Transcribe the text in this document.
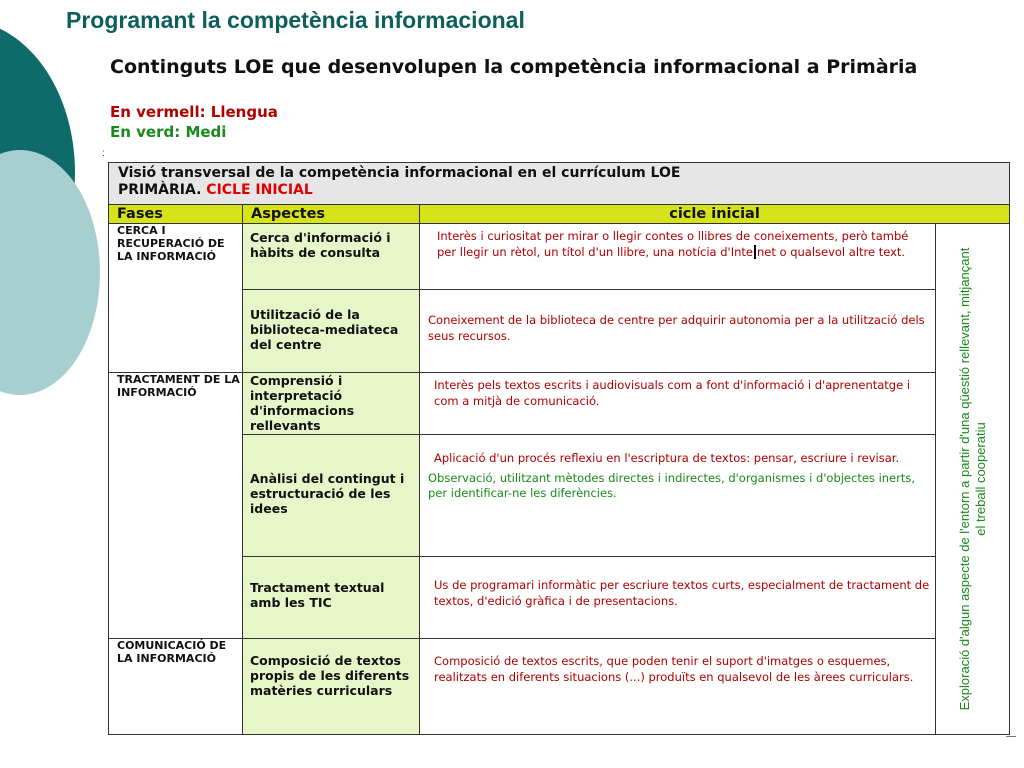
Programant la competència informacional
Continguts LOE que desenvolupen la competència informacional a Primària
En vermell: Llengua
En verd: Medi
:
Visió transversal de la competència informacional en el currículum LOE
PRIMÀRIA. CICLE INICIAL			

Fases	Aspectes	cicle inicial	

CERCA I RECUPERACIÓ DE LA INFORMACIÓ	Cerca d'informació i hàbits de consulta	Interès i curiositat per mirar o llegir contes o llibres de coneixements, però també per llegir un rètol, un títol d'un llibre, una notícia d'Inte net o qualsevol altre text.	Exploració d'algun aspecte de l'entorn a partir d'una qüestió rellevant, mitjançant el treball cooperatiu

	Utilització de la biblioteca-mediateca del centre	Coneixement de la biblioteca de centre per adquirir autonomia per a la utilització dels seus recursos.	

TRACTAMENT DE LA INFORMACIÓ	Comprensió i interpretació d'informacions rellevants	Interès pels textos escrits i audiovisuals com a font d'informació i d'aprenentatge i com a mitjà de comunicació.	

	Anàlisi del contingut i estructuració de les idees	Aplicació d'un procés reflexiu en l'escriptura de textos: pensar, escriure i revisar.
Observació, utilitzant mètodes directes i indirectes, d'organismes i d'objectes inerts, per identificar-ne les diferències.	

	Tractament textual amb les TIC	Us de programari informàtic per escriure textos curts, especialment de tractament de textos, d'edició gràfica i de presentacions.	

COMUNICACIÓ DE LA INFORMACIÓ	Composició de textos propis de les diferents matèries curriculars	Composició de textos escrits, que poden tenir el suport d'imatges o esquemes, realitzats en diferents situacions (...) produïts en qualsevol de les àrees curriculars.	
